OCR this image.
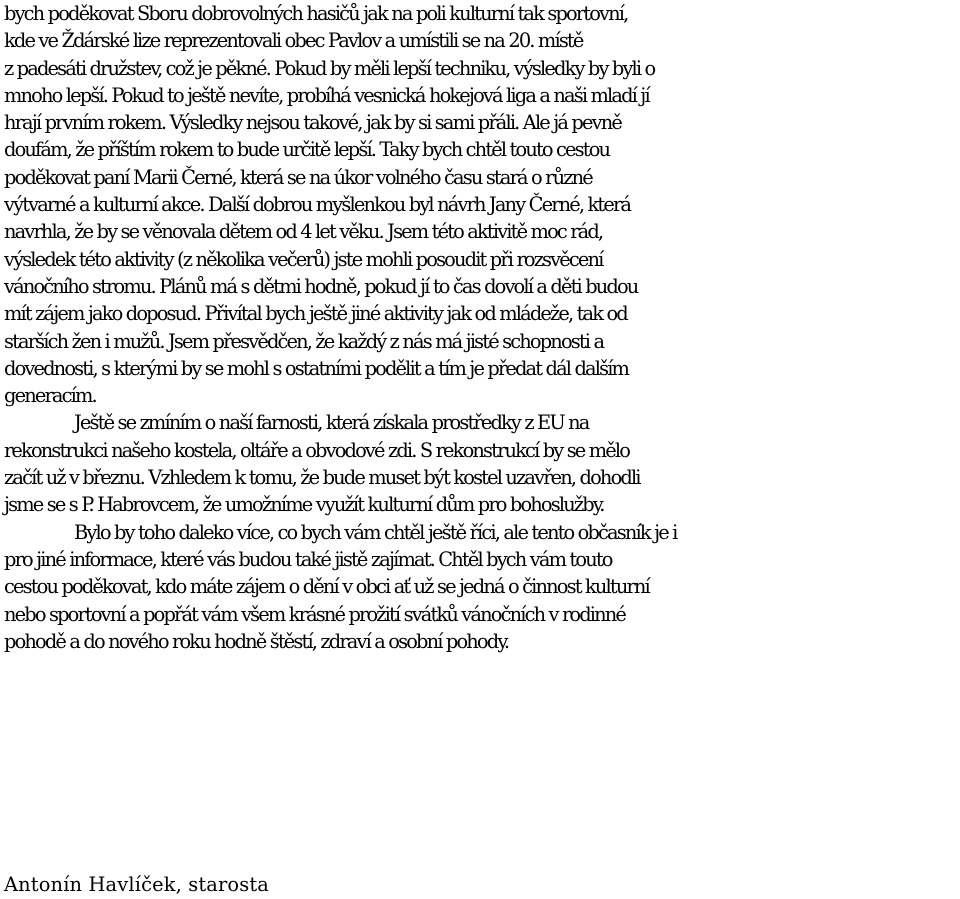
bych poděkovat Sboru dobrovolných hasičů jak na poli kulturní tak sportovní,
kde ve Ždárské lize reprezentovali obec Pavlov a umístili se na 20. místě
z padesáti družstev, což je pěkné. Pokud by měli lepší techniku, výsledky by byli o
mnoho lepší. Pokud to ještě nevíte, probíhá vesnická hokejová liga a naši mladí jí
hrají prvním rokem. Výsledky nejsou takové, jak by si sami přáli. Ale já pevně
doufám, že příštím rokem to bude určitě lepší. Taky bych chtěl touto cestou
poděkovat paní Marii Černé, která se na úkor volného času stará o různé
výtvarné a kulturní akce. Další dobrou myšlenkou byl návrh Jany Černé, která
navrhla, že by se věnovala dětem od 4 let věku. Jsem této aktivitě moc rád,
výsledek této aktivity (z několika večerů) jste mohli posoudit při rozsvěcení
vánočního stromu. Plánů má s dětmi hodně, pokud jí to čas dovolí a děti budou
mít zájem jako doposud. Přivítal bych ještě jiné aktivity jak od mládeže, tak od
starších žen i mužů. Jsem přesvědčen, že každý z nás má jisté schopnosti a
dovednosti, s kterými by se mohl s ostatními podělit a tím je předat dál dalším
generacím.

Ještě se zmíním o naší farnosti, která získala prostředky z EU na
rekonstrukci našeho kostela, oltáře a obvodové zdi. S rekonstrukcí by se mělo
začít už v březnu. Vzhledem k tomu, že bude muset být kostel uzavřen, dohodli
jsme se s P. Habrovcem, že umožníme využít kulturní dům pro bohoslužby.

Bylo by toho daleko více, co bych vám chtěl ještě říci, ale tento občasník je i
pro jiné informace, které vás budou také jistě zajímat. Chtěl bych vám touto
cestou poděkovat, kdo máte zájem o dění v obci ať už se jedná o činnost kulturní
nebo sportovní a popřát vám všem krásné prožití svátků vánočních v rodinné
pohodě a do nového roku hodně štěstí, zdraví a osobní pohody.

Antonín Havlíček, starosta
